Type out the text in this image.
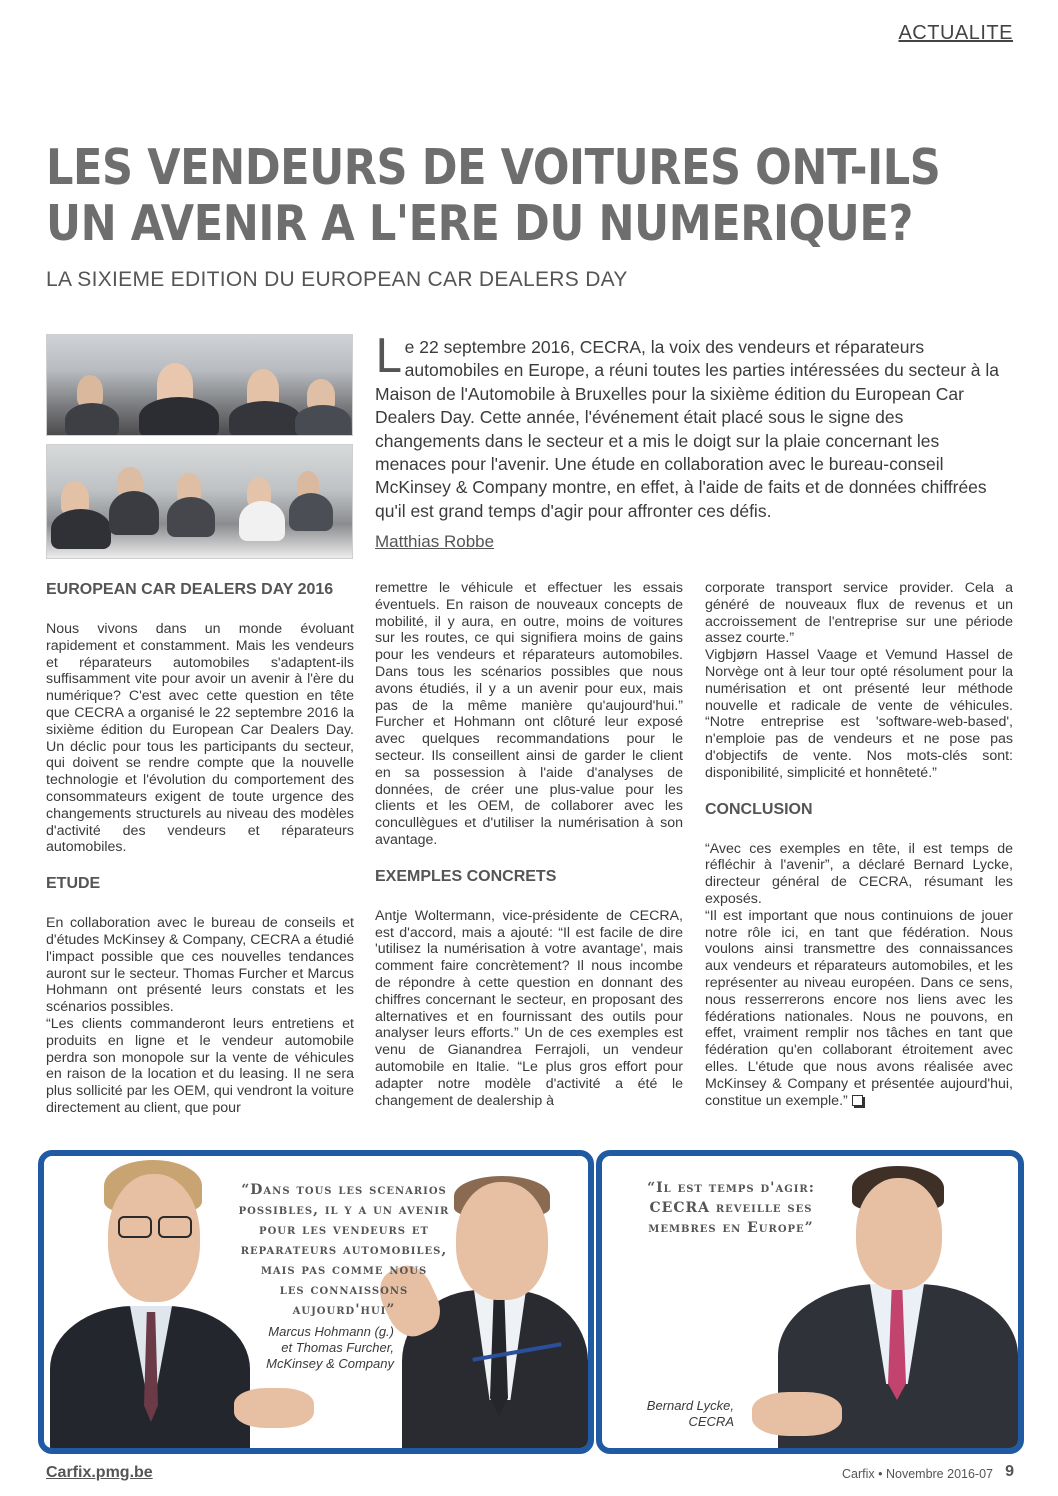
ACTUALITE
LES VENDEURS DE VOITURES ONT-ILS
UN AVENIR A L'ERE DU NUMERIQUE?
LA SIXIEME EDITION DU EUROPEAN CAR DEALERS DAY

Le 22 septembre 2016, CECRA, la voix des vendeurs et réparateurs automobiles en Europe, a réuni toutes les parties intéressées du secteur à la Maison de l'Automobile à Bruxelles pour la sixième édition du European Car Dealers Day. Cette année, l'événement était placé sous le signe des changements dans le secteur et a mis le doigt sur la plaie concernant les menaces pour l'avenir. Une étude en collaboration avec le bureau-conseil McKinsey & Company montre, en effet, à l'aide de faits et de données chiffrées qu'il est grand temps d'agir pour affronter ces défis.

Matthias Robbe
EUROPEAN CAR DEALERS DAY 2016

Nous vivons dans un monde évoluant rapidement et constamment. Mais les vendeurs et réparateurs automobiles s'adaptent-ils suffisamment vite pour avoir un avenir à l'ère du numérique? C'est avec cette question en tête que CECRA a organisé le 22 septembre 2016 la sixième édition du European Car Dealers Day. Un déclic pour tous les participants du secteur, qui doivent se rendre compte que la nouvelle technologie et l'évolution du comportement des consommateurs exigent de toute urgence des changements structurels au niveau des modèles d'activité des vendeurs et réparateurs automobiles.

ETUDE

En collaboration avec le bureau de conseils et d'études McKinsey & Company, CECRA a étudié l'impact possible que ces nouvelles tendances auront sur le secteur. Thomas Furcher et Marcus Hohmann ont présenté leurs constats et les scénarios possibles.

“Les clients commanderont leurs entretiens et produits en ligne et le vendeur automobile perdra son monopole sur la vente de véhicules en raison de la location et du leasing. Il ne sera plus sollicité par les OEM, qui vendront la voiture directement au client, que pour

remettre le véhicule et effectuer les essais éventuels. En raison de nouveaux concepts de mobilité, il y aura, en outre, moins de voitures sur les routes, ce qui signifiera moins de gains pour les vendeurs et réparateurs automobiles. Dans tous les scénarios possibles que nous avons étudiés, il y a un avenir pour eux, mais pas de la même manière qu'aujourd'hui.” Furcher et Hohmann ont clôturé leur exposé avec quelques recommandations pour le secteur. Ils conseillent ainsi de garder le client en sa possession à l'aide d'analyses de données, de créer une plus-value pour les clients et les OEM, de collaborer avec les concullègues et d'utiliser la numérisation à son avantage.

EXEMPLES CONCRETS

Antje Woltermann, vice-présidente de CECRA, est d'accord, mais a ajouté: “Il est facile de dire 'utilisez la numérisation à votre avantage', mais comment faire concrètement? Il nous incombe de répondre à cette question en donnant des chiffres concernant le secteur, en proposant des alternatives et en fournissant des outils pour analyser leurs efforts.” Un de ces exemples est venu de Gianandrea Ferrajoli, un vendeur automobile en Italie. “Le plus gros effort pour adapter notre modèle d'activité a été le changement de dealership à

corporate transport service provider. Cela a généré de nouveaux flux de revenus et un accroissement de l'entreprise sur une période assez courte.”

Vigbjørn Hassel Vaage et Vemund Hassel de Norvège ont à leur tour opté résolument pour la numérisation et ont présenté leur méthode nouvelle et radicale de vente de véhicules. “Notre entreprise est 'software-web-based', n'emploie pas de vendeurs et ne pose pas d'objectifs de vente. Nos mots-clés sont: disponibilité, simplicité et honnêteté.”

CONCLUSION

“Avec ces exemples en tête, il est temps de réfléchir à l'avenir”, a déclaré Bernard Lycke, directeur général de CECRA, résumant les exposés.

“Il est important que nous continuions de jouer notre rôle ici, en tant que fédération. Nous voulons ainsi transmettre des connaissances aux vendeurs et réparateurs automobiles, et les représenter au niveau européen. Dans ce sens, nous resserrerons encore nos liens avec les fédérations nationales. Nous ne pouvons, en effet, vraiment remplir nos tâches en tant que fédération qu'en collaborant étroitement avec elles. L'étude que nous avons réalisée avec McKinsey & Company et présentée aujourd'hui, constitue un exemple.”

“Dans tous les scenarios
possibles, il y a un avenir
pour les vendeurs et
reparateurs automobiles,
mais pas comme nous
les connaissons
aujourd'hui”
Marcus Hohmann (g.)
et Thomas Furcher,
McKinsey & Company
“Il est temps d'agir:
CECRA reveille ses
membres en Europe”
Bernard Lycke,
CECRA
Carfix.pmg.be	Carfix • Novembre 2016-07 9
